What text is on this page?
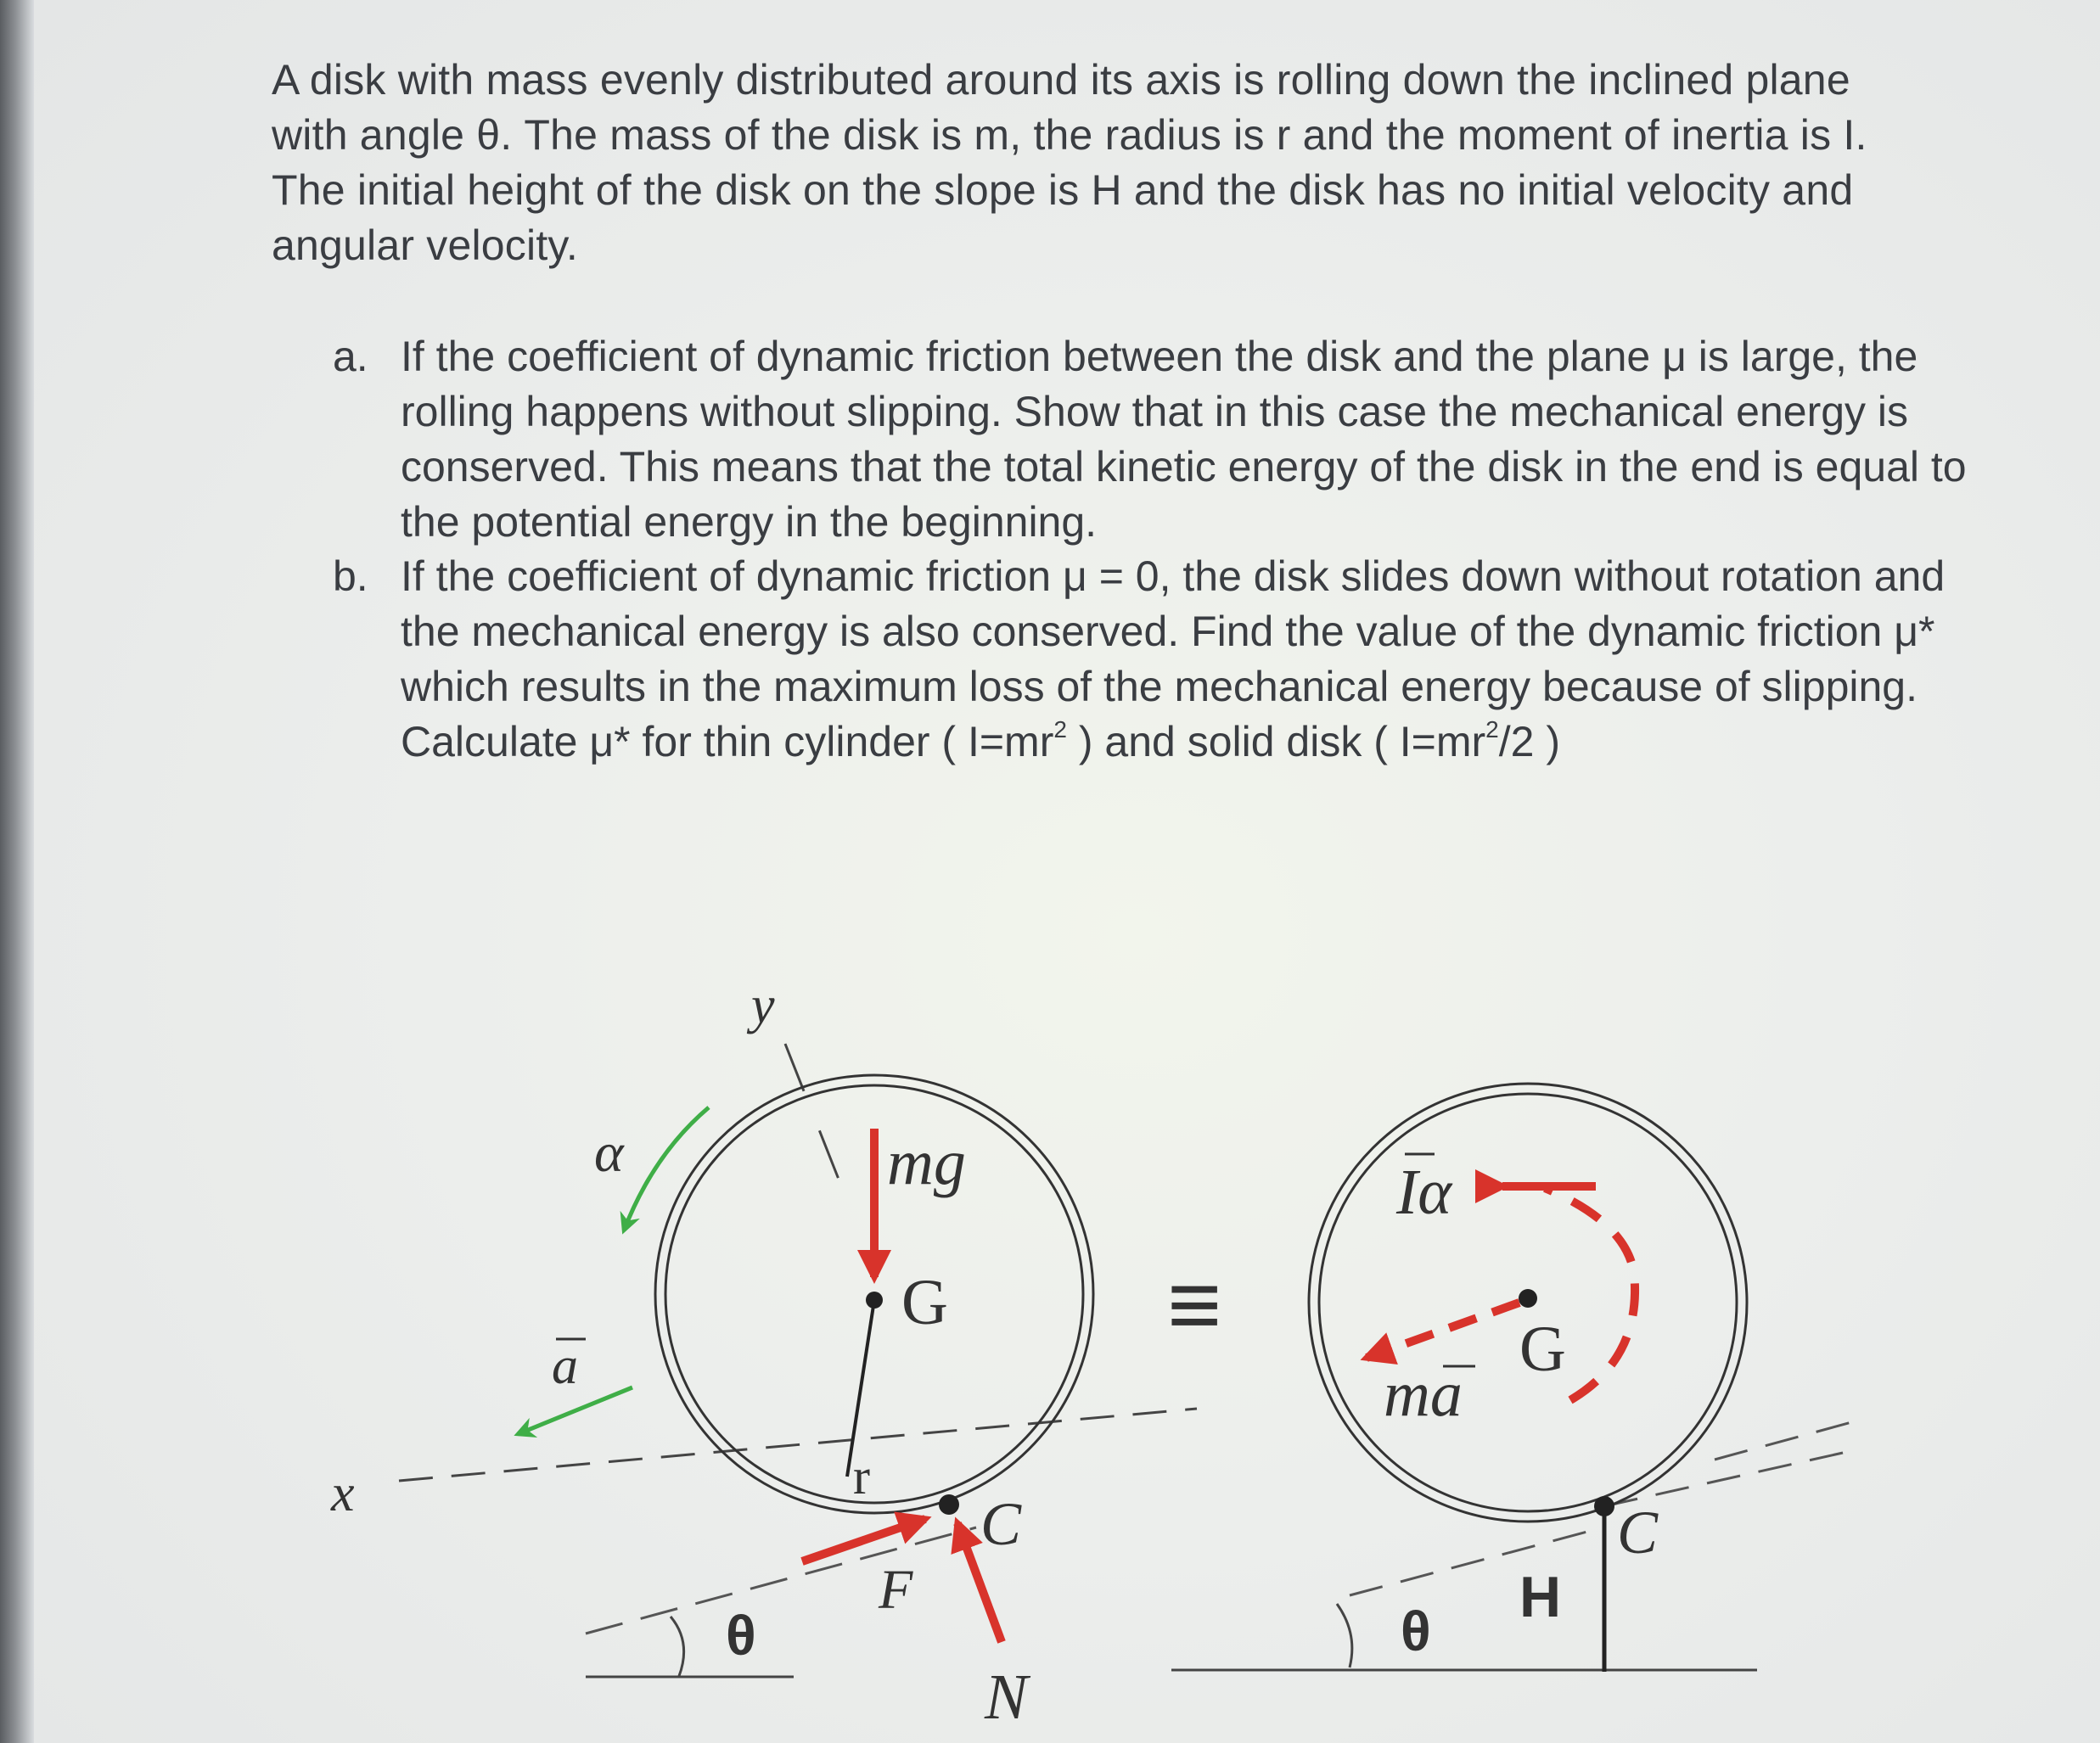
A disk with mass evenly distributed around its axis is rolling down the inclined plane with angle θ. The mass of the disk is m, the radius is r and the moment of inertia is I. The initial height of the disk on the slope is H and the disk has no initial velocity and angular velocity.
a. If the coefficient of dynamic friction between the disk and the plane μ is large, the rolling happens without slipping. Show that in this case the mechanical energy is conserved. This means that the total kinetic energy of the disk in the end is equal to the potential energy in the beginning.
b. If the coefficient of dynamic friction μ = 0, the disk slides down without rotation and the mechanical energy is also conserved. Find the value of the dynamic friction μ* which results in the maximum loss of the mechanical energy because of slipping. Calculate μ* for thin cylinder ( $I=mr^2$ ) and solid disk ( $I=mr^2/2$ )
y
x
α
a
mg
G
r
C
F
N
θ
≡
Iα
ma
G
C
H
θ
